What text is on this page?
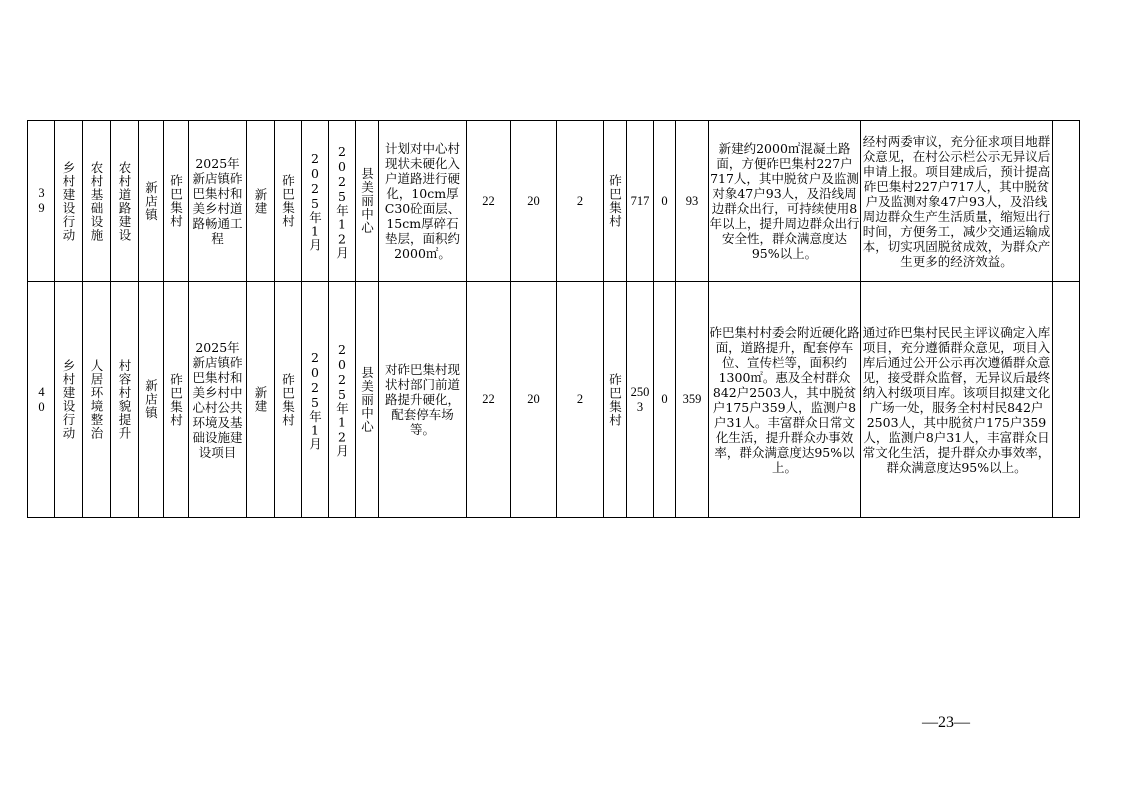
39	乡村建设行动	农村基础设施	农村道路建设	新店镇	砟巴集村	2025年新店镇砟巴集村和美乡村道路畅通工程	新建	砟巴集村	2025年1月	2025年12月	县美丽中心	计划对中心村现状未硬化入户道路进行硬化，10cm厚C30砼面层、15cm厚碎石垫层，面积约2000㎡。	22	20	2	砟巴集村	717	0	93	新建约2000㎡混凝土路面，方便砟巴集村227户717人，其中脱贫户及监测对象47户93人，及沿线周边群众出行，可持续使用8年以上，提升周边群众出行安全性，群众满意度达95%以上。	经村两委审议，充分征求项目地群众意见，在村公示栏公示无异议后申请上报。项目建成后，预计提高砟巴集村227户717人，其中脱贫户及监测对象47户93人，及沿线周边群众生产生活质量，缩短出行时间，方便务工，减少交通运输成本，切实巩固脱贫成效，为群众产生更多的经济效益。	
40	乡村建设行动	人居环境整治	村容村貌提升	新店镇	砟巴集村	2025年新店镇砟巴集村和美乡村中心村公共环境及基础设施建设项目	新建	砟巴集村	2025年1月	2025年12月	县美丽中心	对砟巴集村现状村部门前道路提升硬化，配套停车场等。	22	20	2	砟巴集村	2503	0	359	砟巴集村村委会附近硬化路面，道路提升，配套停车位、宣传栏等，面积约1300㎡。惠及全村群众842户2503人，其中脱贫户175户359人，监测户8户31人。丰富群众日常文化生活，提升群众办事效率，群众满意度达95%以上。	通过砟巴集村民民主评议确定入库项目，充分遵循群众意见，项目入库后通过公开公示再次遵循群众意见，接受群众监督，无异议后最终纳入村级项目库。该项目拟建文化广场一处，服务全村村民842户2503人，其中脱贫户175户359人，监测户8户31人，丰富群众日常文化生活，提升群众办事效率，群众满意度达95%以上。	
—23—
